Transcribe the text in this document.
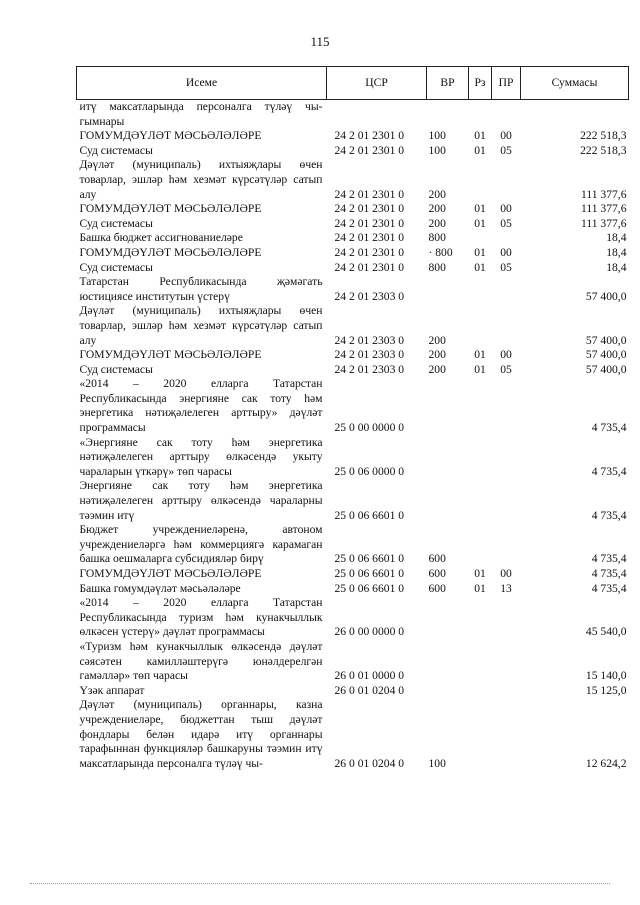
115
Исеме	ЦСР	ВР	Рз	ПР	Суммасы
итү максатларында персоналга түләү чы-гымнары					
ГОМУМДӘҮЛӘТ МӘСЬӘЛӘЛӘРЕ	24 2 01 2301 0	100	01	00	222 518,3
Суд системасы	24 2 01 2301 0	100	01	05	222 518,3
Дәүләт (муниципаль) ихтыяҗлары өчен товарлар, эшләр һәм хезмәт күрсәтүләр сатып алу	24 2 01 2301 0	200			111 377,6
ГОМУМДӘҮЛӘТ МӘСЬӘЛӘЛӘРЕ	24 2 01 2301 0	200	01	00	111 377,6
Суд системасы	24 2 01 2301 0	200	01	05	111 377,6
Башка бюджет ассигнованиеләре	24 2 01 2301 0	800			18,4
ГОМУМДӘҮЛӘТ МӘСЬӘЛӘЛӘРЕ	24 2 01 2301 0	· 800	01	00	18,4
Суд системасы	24 2 01 2301 0	800	01	05	18,4
Татарстан Республикасында җәмәгать юстициясе институтын үстерү	24 2 01 2303 0				57 400,0
Дәүләт (муниципаль) ихтыяҗлары өчен товарлар, эшләр һәм хезмәт күрсәтүләр сатып алу	24 2 01 2303 0	200			57 400,0
ГОМУМДӘҮЛӘТ МӘСЬӘЛӘЛӘРЕ	24 2 01 2303 0	200	01	00	57 400,0
Суд системасы	24 2 01 2303 0	200	01	05	57 400,0
«2014 – 2020 елларга Татарстан Республикасында энергияне сак тоту һәм энергетика нәтиҗәлелеген арттыру» дәүләт программасы	25 0 00 0000 0				4 735,4
«Энергияне сак тоту һәм энергетика нәтиҗәлелеген арттыру өлкәсендә укыту чараларын үткәрү» төп чарасы	25 0 06 0000 0				4 735,4
Энергияне сак тоту һәм энергетика нәтиҗәлелеген арттыру өлкәсендә чараларны тәэмин итү	25 0 06 6601 0				4 735,4
Бюджет учреждениеләренә, автоном учреждениеләргә һәм коммерциягә карамаган башка оешмаларга субсидияләр бирү	25 0 06 6601 0	600			4 735,4
ГОМУМДӘҮЛӘТ МӘСЬӘЛӘЛӘРЕ	25 0 06 6601 0	600	01	00	4 735,4
Башка гомумдәүләт мәсьәләләре	25 0 06 6601 0	600	01	13	4 735,4
«2014 – 2020 елларга Татарстан Республикасында туризм һәм кунакчыллык өлкәсен үстерү» дәүләт программасы	26 0 00 0000 0				45 540,0
«Туризм һәм кунакчыллык өлкәсендә дәүләт сәясәтен камилләштерүгә юнәлдерелгән гамәлләр» төп чарасы	26 0 01 0000 0				15 140,0
Үзәк аппарат	26 0 01 0204 0				15 125,0
Дәүләт (муниципаль) органнары, казна учреждениеләре, бюджеттан тыш дәүләт фондлары белән идарә итү органнары тарафыннан функцияләр башкаруны тәэмин итү максатларында персоналга түләү чы-	26 0 01 0204 0	100			12 624,2
